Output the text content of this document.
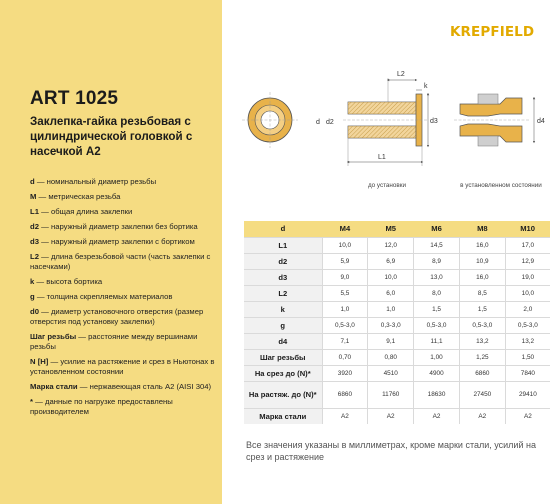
ART 1025
Заклепка-гайка резьбовая с цилиндрической головкой с насечкой А2
d — номинальный диаметр резьбы
М — метрическая резьба
L1 — общая длина заклепки
d2 — наружный диаметр заклепки без бортика
d3 — наружный диаметр заклепки с бортиком
L2 — длина безрезьбовой части (часть заклепки с насечками)
k — высота бортика
g — толщина скрепляемых материалов
d0 — диаметр установочного отверстия (размер отверстия под установку заклепки)
Шаг резьбы — расстояние между вершинами резьбы
N [Н] — усилие на растяжение и срез в Ньютонах в установленном состоянии
Марка стали — нержавеющая сталь А2 (AISI 304)
* — данные по нагрузке предоставлены производителем
KREPFIELD
L2
k
d d2	d3
L1
d4
до установки	в установленном состоянии
d	М4	М5	М6	М8	М10
L1	10,0	12,0	14,5	16,0	17,0
d2	5,9	6,9	8,9	10,9	12,9
d3	9,0	10,0	13,0	16,0	19,0
L2	5,5	6,0	8,0	8,5	10,0
k	1,0	1,0	1,5	1,5	2,0
g	0,5-3,0	0,3-3,0	0,5-3,0	0,5-3,0	0,5-3,0
d4	7,1	9,1	11,1	13,2	13,2
Шаг резьбы	0,70	0,80	1,00	1,25	1,50
На срез до (N)*	3920	4510	4900	6860	7840
На растяж. до (N)*	6860	11760	18630	27450	29410
Марка стали	A2	A2	A2	A2	A2
Все значения указаны в миллиметрах, кроме марки стали, усилий на срез и растяжение
